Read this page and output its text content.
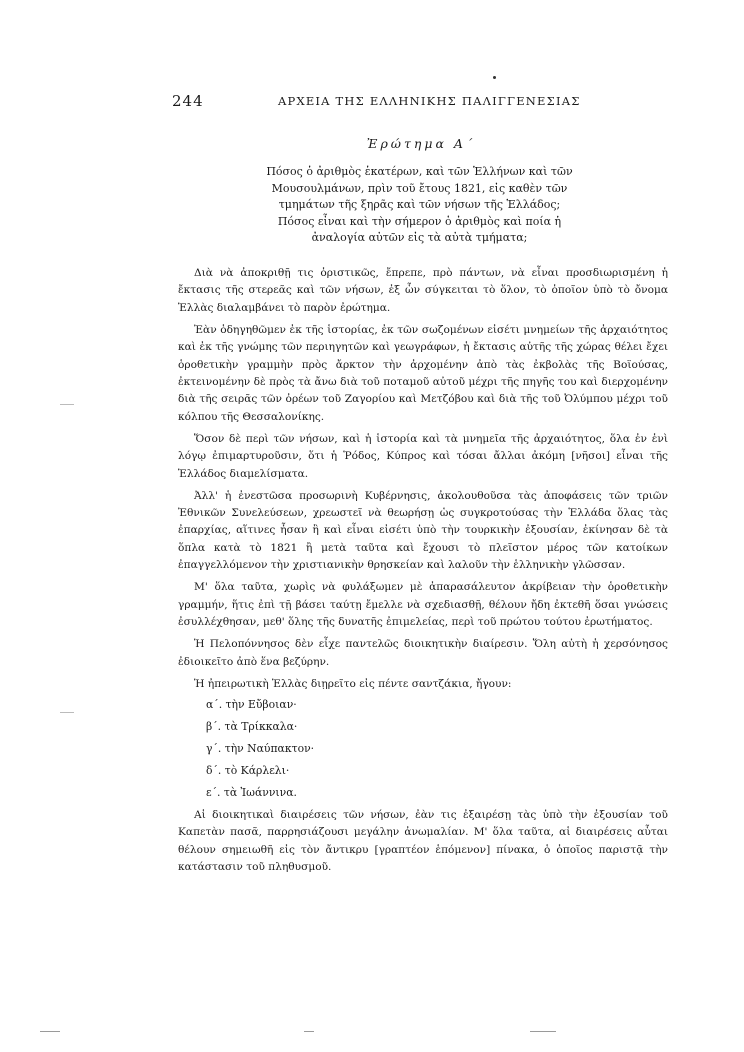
244	ΑΡΧΕΙΑ ΤΗΣ ΕΛΛΗΝΙΚΗΣ ΠΑΛΙΓΓΕΝΕΣΙΑΣ
Ἐρώτημα Α΄

Πόσος ὁ ἀριθμὸς ἑκατέρων, καὶ τῶν Ἑλλήνων καὶ τῶν Μουσουλμάνων, πρὶν τοῦ ἔτους 1821, εἰς καθὲν τῶν τμημάτων τῆς ξηρᾶς καὶ τῶν νήσων τῆς Ἑλλάδος;

Πόσος εἶναι καὶ τὴν σήμερον ὁ ἀριθμὸς καὶ ποία ἡ ἀναλογία αὐτῶν εἰς τὰ αὐτὰ τμήματα;

Διὰ νὰ ἀποκριθῇ τις ὁριστικῶς, ἔπρεπε, πρὸ πάντων, νὰ εἶναι προσδιωρισμένη ἡ ἔκτασις τῆς στερεᾶς καὶ τῶν νήσων, ἐξ ὧν σύγκειται τὸ ὅλον, τὸ ὁποῖον ὑπὸ τὸ ὄνομα Ἑλλὰς διαλαμβάνει τὸ παρὸν ἐρώτημα.

Ἐὰν ὁδηγηθῶμεν ἐκ τῆς ἱστορίας, ἐκ τῶν σωζομένων εἰσέτι μνημείων τῆς ἀρχαιότητος καὶ ἐκ τῆς γνώμης τῶν περιηγητῶν καὶ γεωγράφων, ἡ ἔκτασις αὐτῆς τῆς χώρας θέλει ἔχει ὁροθετικὴν γραμμὴν πρὸς ἄρκτον τὴν ἀρχομένην ἀπὸ τὰς ἐκβολὰς τῆς Βοϊούσας, ἐκτεινομένην δὲ πρὸς τὰ ἄνω διὰ τοῦ ποταμοῦ αὐτοῦ μέχρι τῆς πηγῆς του καὶ διερχομένην διὰ τῆς σειρᾶς τῶν ὀρέων τοῦ Ζαγορίου καὶ Μετζόβου καὶ διὰ τῆς τοῦ Ὀλύμπου μέχρι τοῦ κόλπου τῆς Θεσσαλονίκης.

Ὅσον δὲ περὶ τῶν νήσων, καὶ ἡ ἱστορία καὶ τὰ μνημεῖα τῆς ἀρχαιότητος, ὅλα ἐν ἑνὶ λόγῳ ἐπιμαρτυροῦσιν, ὅτι ἡ Ῥόδος, Κύπρος καὶ τόσαι ἄλλαι ἀκόμη [νῆσοι] εἶναι τῆς Ἑλλάδος διαμελίσματα.

Ἀλλ' ἡ ἐνεστῶσα προσωρινὴ Κυβέρνησις, ἀκολουθοῦσα τὰς ἀποφάσεις τῶν τριῶν Ἐθνικῶν Συνελεύσεων, χρεωστεῖ νὰ θεωρήσῃ ὡς συγκροτούσας τὴν Ἑλλάδα ὅλας τὰς ἐπαρχίας, αἵτινες ἦσαν ἢ καὶ εἶναι εἰσέτι ὑπὸ τὴν τουρκικὴν ἐξουσίαν, ἐκίνησαν δὲ τὰ ὅπλα κατὰ τὸ 1821 ἢ μετὰ ταῦτα καὶ ἔχουσι τὸ πλεῖστον μέρος τῶν κατοίκων ἐπαγγελλόμενον τὴν χριστιανικὴν θρησκείαν καὶ λαλοῦν τὴν ἑλληνικὴν γλῶσσαν.

Μ' ὅλα ταῦτα, χωρὶς νὰ φυλάξωμεν μὲ ἀπαρασάλευτον ἀκρίβειαν τὴν ὁροθετικὴν γραμμήν, ἥτις ἐπὶ τῇ βάσει ταύτῃ ἔμελλε νὰ σχεδιασθῇ, θέλουν ἤδη ἐκτεθῆ ὅσαι γνώσεις ἐσυλλέχθησαν, μεθ' ὅλης τῆς δυνατῆς ἐπιμελείας, περὶ τοῦ πρώτου τούτου ἐρωτήματος.

Ἡ Πελοπόννησος δὲν εἶχε παντελῶς διοικητικὴν διαίρεσιν. Ὅλη αὐτὴ ἡ χερσόνησος ἐδιοικεῖτο ἀπὸ ἕνα βεζύρην.

Ἡ ἠπειρωτικὴ Ἑλλὰς διῃρεῖτο εἰς πέντε σαντζάκια, ἤγουν:

α΄. τὴν Εὔβοιαν·
β΄. τὰ Τρίκκαλα·
γ΄. τὴν Ναύπακτον·
δ΄. τὸ Κάρλελι·
ε΄. τὰ Ἰωάννινα.

Αἱ διοικητικαὶ διαιρέσεις τῶν νήσων, ἐὰν τις ἐξαιρέσῃ τὰς ὑπὸ τὴν ἐξουσίαν τοῦ Καπετὰν πασᾶ, παρρησιάζουσι μεγάλην ἀνωμαλίαν. Μ' ὅλα ταῦτα, αἱ διαιρέσεις αὗται θέλουν σημειωθῆ εἰς τὸν ἄντικρυ [γραπτέον ἑπόμενον] πίνακα, ὁ ὁποῖος παριστᾷ τὴν κατάστασιν τοῦ πληθυσμοῦ.
